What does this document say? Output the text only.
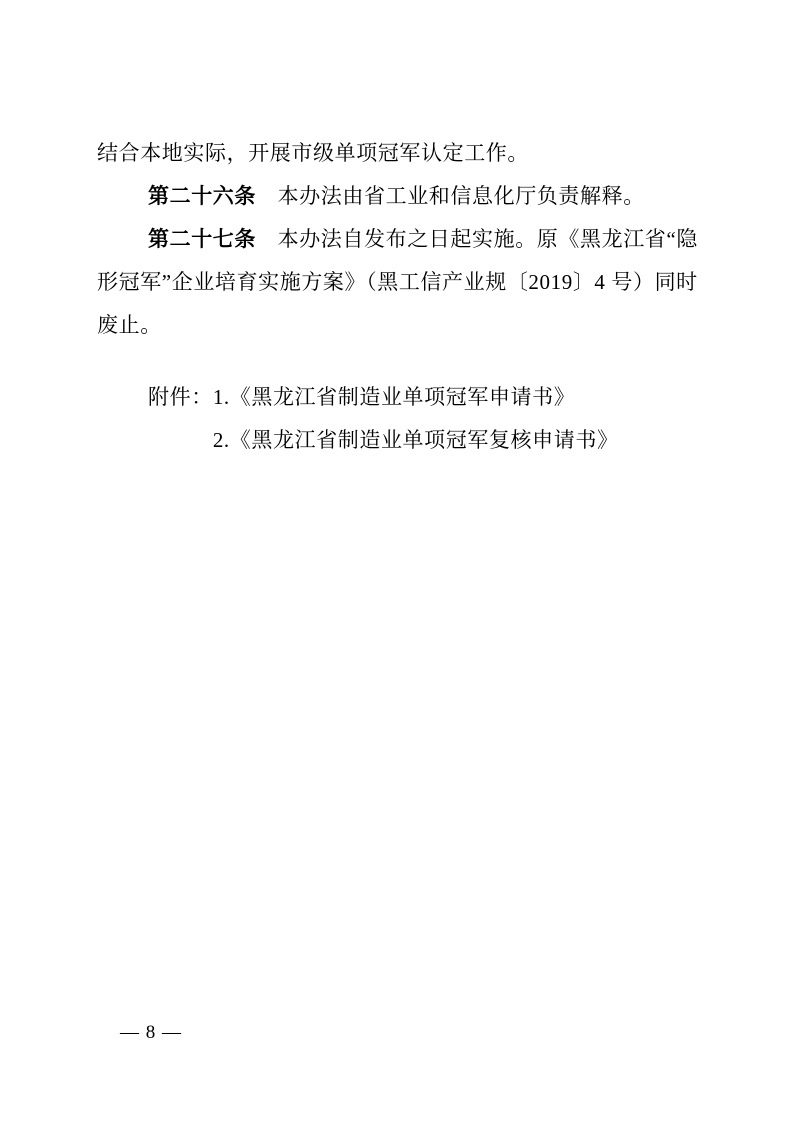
结合本地实际，开展市级单项冠军认定工作。
第二十六条　本办法由省工业和信息化厅负责解释。
第二十七条　本办法自发布之日起实施。原《黑龙江省“隐
形冠军”企业培育实施方案》（黑工信产业规〔2019〕4 号）同时
废止。
附件： 1.《黑龙江省制造业单项冠军申请书》
2.《黑龙江省制造业单项冠军复核申请书》
— 8 —
